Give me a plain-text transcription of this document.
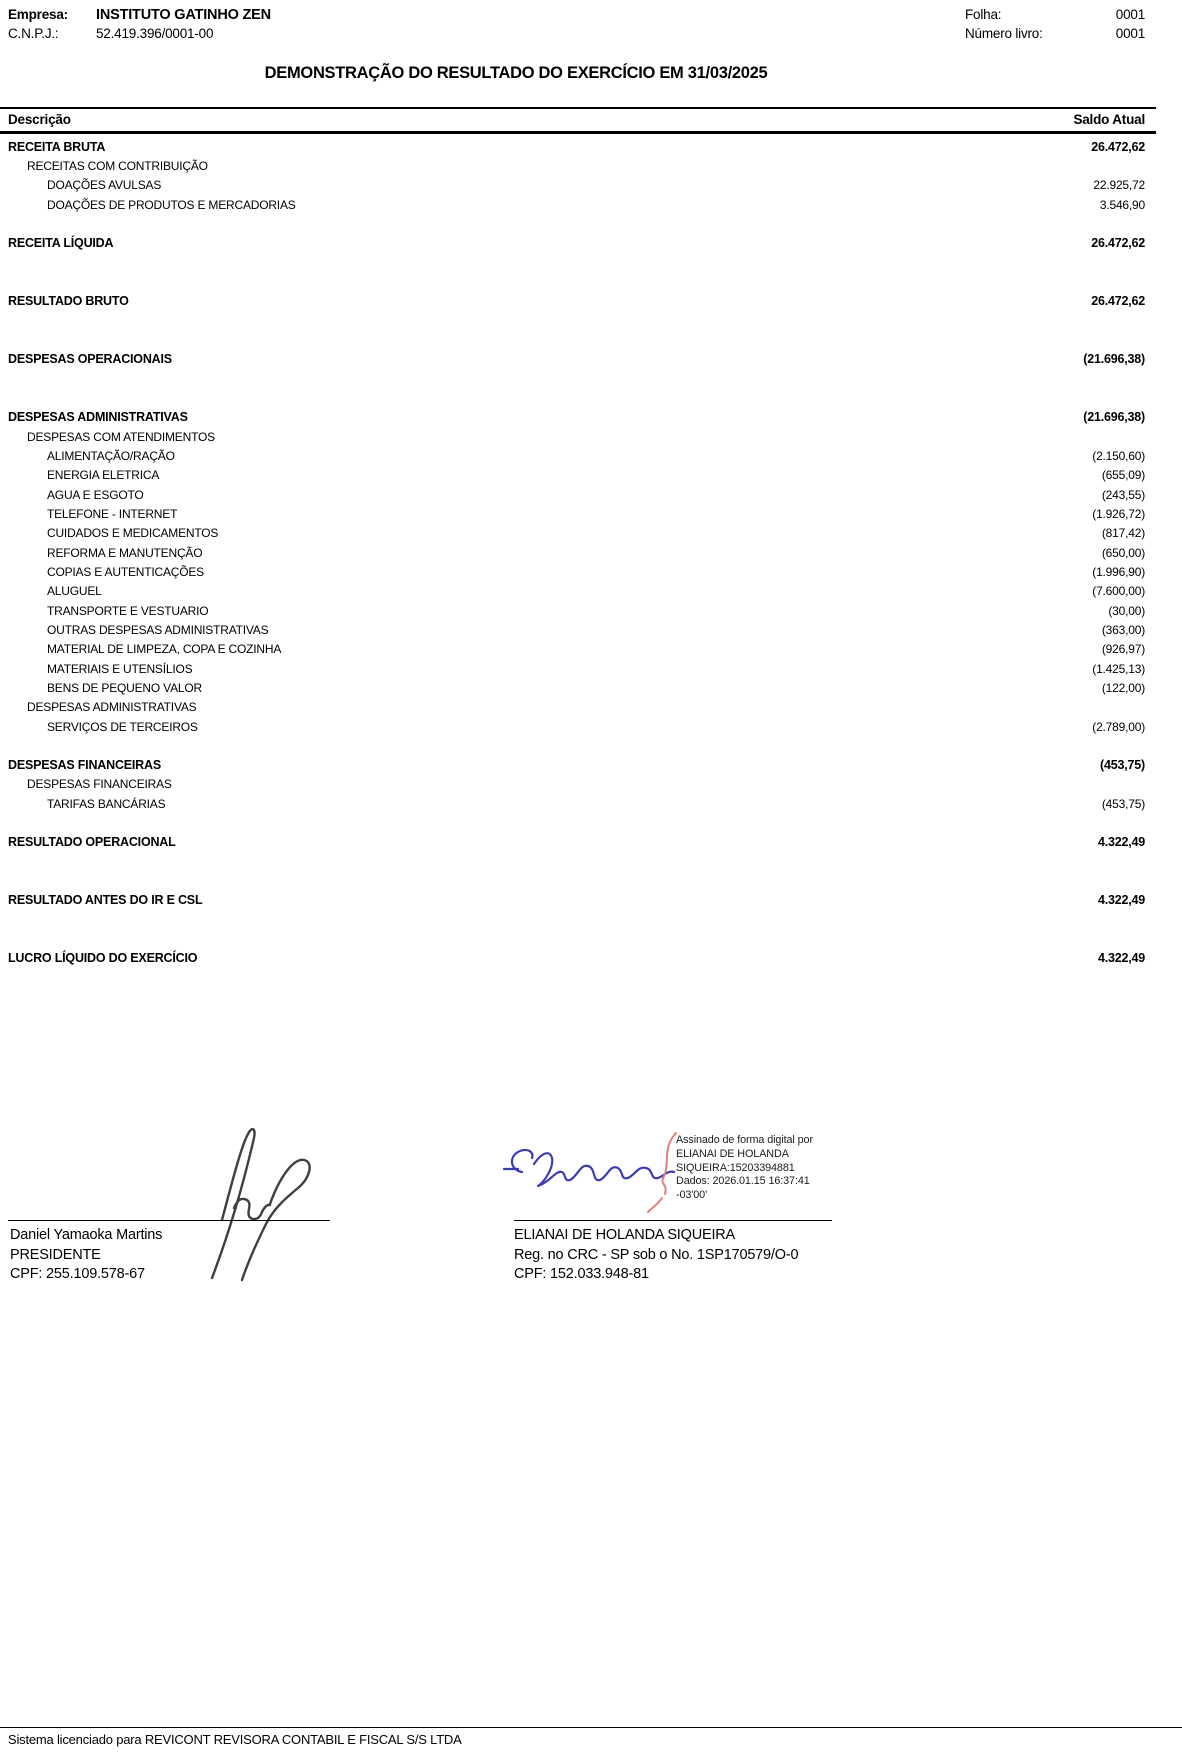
Empresa:	INSTITUTO GATINHO ZEN
C.N.P.J.:	52.419.396/0001-00
Folha:	0001
Número livro:	0001
DEMONSTRAÇÃO DO RESULTADO DO EXERCÍCIO EM 31/03/2025
Descrição	Saldo Atual
RECEITA BRUTA	26.472,62
RECEITAS COM CONTRIBUIÇÃO
DOAÇÕES AVULSAS	22.925,72
DOAÇÕES DE PRODUTOS E MERCADORIAS	3.546,90
RECEITA LÍQUIDA	26.472,62
RESULTADO BRUTO	26.472,62
DESPESAS OPERACIONAIS	(21.696,38)
DESPESAS ADMINISTRATIVAS	(21.696,38)
DESPESAS COM ATENDIMENTOS
ALIMENTAÇÃO/RAÇÃO	(2.150,60)
ENERGIA ELETRICA	(655,09)
AGUA E ESGOTO	(243,55)
TELEFONE - INTERNET	(1.926,72)
CUIDADOS E MEDICAMENTOS	(817,42)
REFORMA E MANUTENÇÃO	(650,00)
COPIAS E AUTENTICAÇÕES	(1.996,90)
ALUGUEL	(7.600,00)
TRANSPORTE E VESTUARIO	(30,00)
OUTRAS DESPESAS ADMINISTRATIVAS	(363,00)
MATERIAL DE LIMPEZA, COPA E COZINHA	(926,97)
MATERIAIS E UTENSÍLIOS	(1.425,13)
BENS DE PEQUENO VALOR	(122,00)
DESPESAS ADMINISTRATIVAS
SERVIÇOS DE TERCEIROS	(2.789,00)
DESPESAS FINANCEIRAS	(453,75)
DESPESAS FINANCEIRAS
TARIFAS BANCÁRIAS	(453,75)
RESULTADO OPERACIONAL	4.322,49
RESULTADO ANTES DO IR E CSL	4.322,49
LUCRO LÍQUIDO DO EXERCÍCIO	4.322,49
Assinado de forma digital por
ELIANAI DE HOLANDA
SIQUEIRA:15203394881
Dados: 2026.01.15 16:37:41
-03'00'
Daniel Yamaoka Martins
PRESIDENTE
CPF: 255.109.578-67
ELIANAI DE HOLANDA SIQUEIRA
Reg. no CRC - SP sob o No. 1SP170579/O-0
CPF: 152.033.948-81
Sistema licenciado para REVICONT REVISORA CONTABIL E FISCAL S/S LTDA
